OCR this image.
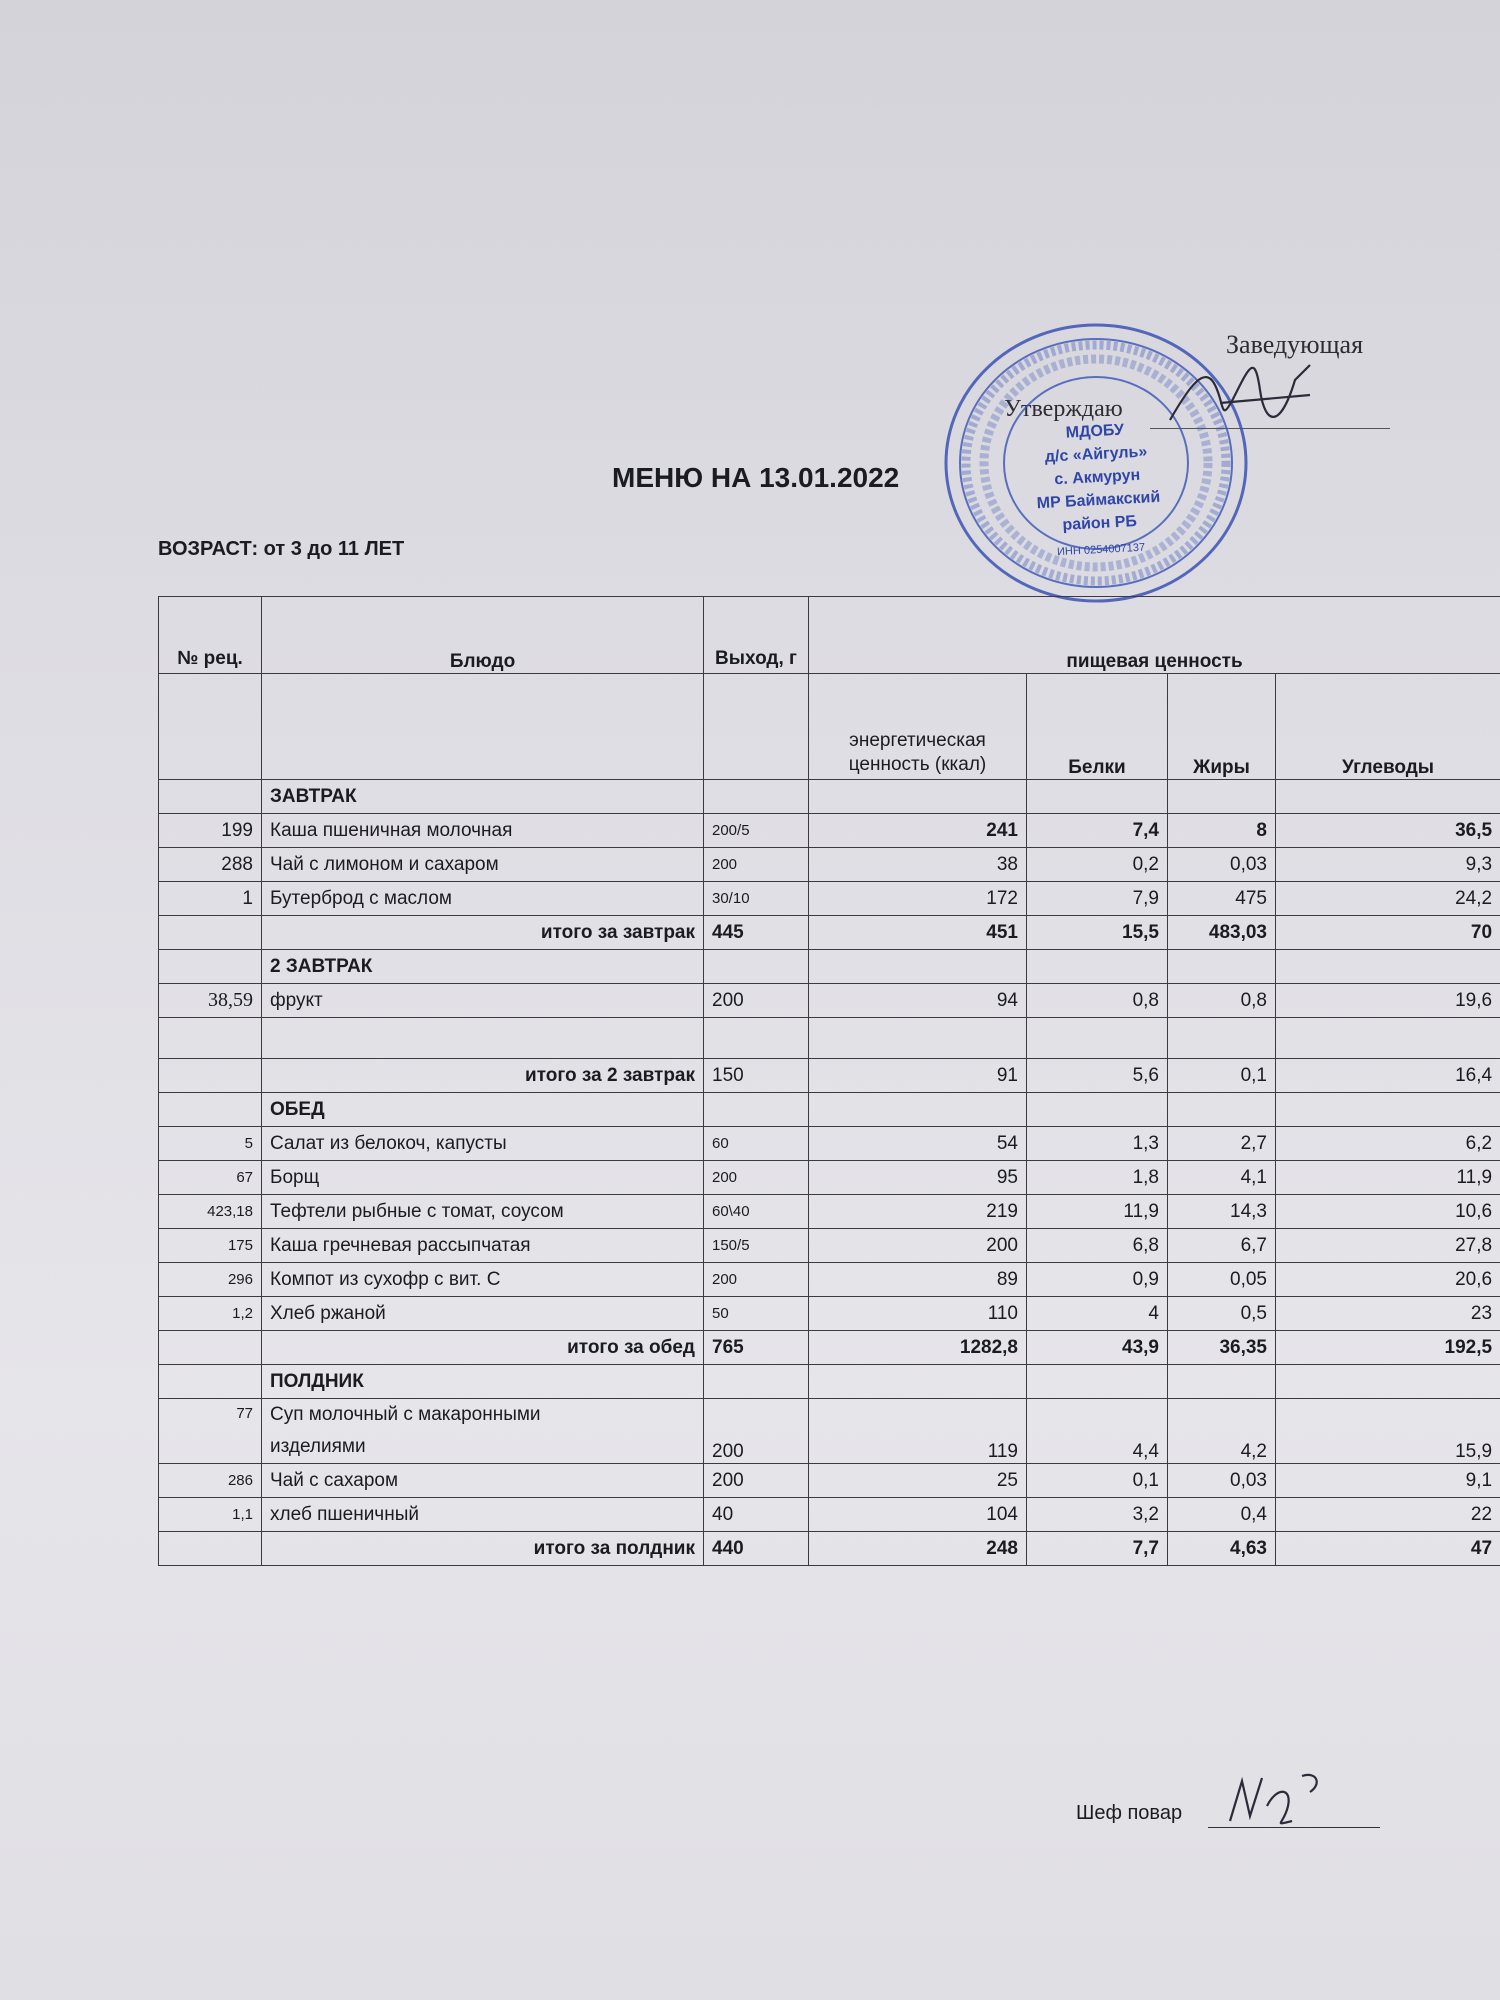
Заведующая
Утверждаю
МДОБУ
д/с «Айгуль»
с. Акмурун
МР Баймакский
район РБ
ИНН 0254007137
МЕНЮ НА 13.01.2022
ВОЗРАСТ: от 3 до 11 ЛЕТ
№ рец.	Блюдо	Выход, г	пищевая ценность			
			энергетическая ценность (ккал)	Белки	Жиры	Углеводы
	ЗАВТРАК					
199	Каша пшеничная молочная	200/5	241	7,4	8	36,5
288	Чай с лимоном и сахаром	200	38	0,2	0,03	9,3
1	Бутерброд с маслом	30/10	172	7,9	475	24,2
	итого за завтрак	445	451	15,5	483,03	70
	2 ЗАВТРАК					
38,59	фрукт	200	94	0,8	0,8	19,6

	итого за 2 завтрак	150	91	5,6	0,1	16,4
	ОБЕД					
5	Салат из белокоч, капусты	60	54	1,3	2,7	6,2
67	Борщ	200	95	1,8	4,1	11,9
423,18	Тефтели рыбные с томат, соусом	60\40	219	11,9	14,3	10,6
175	Каша гречневая рассыпчатая	150/5	200	6,8	6,7	27,8
296	Компот из сухофр с вит. С	200	89	0,9	0,05	20,6
1,2	Хлеб ржаной	50	110	4	0,5	23
	итого за обед	765	1282,8	43,9	36,35	192,5
	ПОЛДНИК					
77	Суп молочный с макаронными
изделиями	200	119	4,4	4,2	15,9
286	Чай с сахаром	200	25	0,1	0,03	9,1
1,1	хлеб пшеничный	40	104	3,2	0,4	22
	итого за полдник	440	248	7,7	4,63	47
Шеф повар
